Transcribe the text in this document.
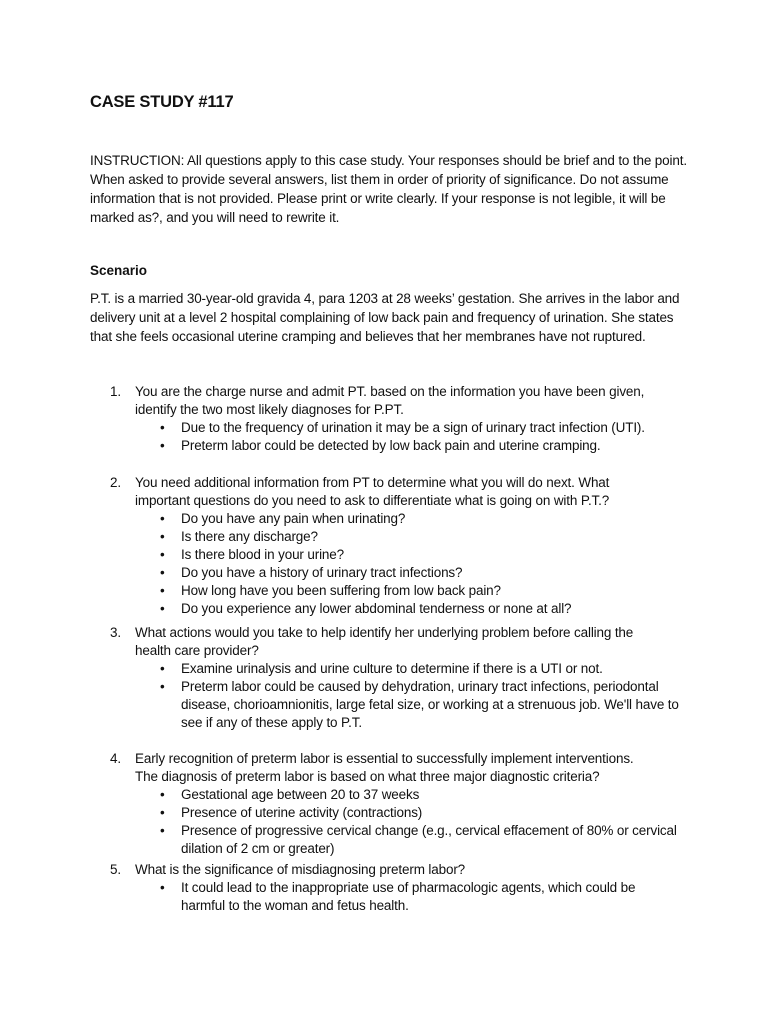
CASE STUDY #117

INSTRUCTION: All questions apply to this case study. Your responses should be brief and to the point. When asked to provide several answers, list them in order of priority of significance. Do not assume information that is not provided. Please print or write clearly. If your response is not legible, it will be marked as?, and you will need to rewrite it.

Scenario

P.T. is a married 30-year-old gravida 4, para 1203 at 28 weeks’ gestation. She arrives in the labor and delivery unit at a level 2 hospital complaining of low back pain and frequency of urination. She states that she feels occasional uterine cramping and believes that her membranes have not ruptured.

1.	You are the charge nurse and admit PT. based on the information you have been given, identify the two most likely diagnoses for P.PT.

• Due to the frequency of urination it may be a sign of urinary tract infection (UTI).
• Preterm labor could be detected by low back pain and uterine cramping.
2.	You need additional information from PT to determine what you will do next. What important questions do you need to ask to differentiate what is going on with P.T.?

• Do you have any pain when urinating?
• Is there any discharge?
• Is there blood in your urine?
• Do you have a history of urinary tract infections?
• How long have you been suffering from low back pain?
• Do you experience any lower abdominal tenderness or none at all?
3.	What actions would you take to help identify her underlying problem before calling the health care provider?

• Examine urinalysis and urine culture to determine if there is a UTI or not.
• Preterm labor could be caused by dehydration, urinary tract infections, periodontal disease, chorioamnionitis, large fetal size, or working at a strenuous job. We'll have to see if any of these apply to P.T.
4.	Early recognition of preterm labor is essential to successfully implement interventions. The diagnosis of preterm labor is based on what three major diagnostic criteria?

• Gestational age between 20 to 37 weeks
• Presence of uterine activity (contractions)
• Presence of progressive cervical change (e.g., cervical effacement of 80% or cervical dilation of 2 cm or greater)
5.	What is the significance of misdiagnosing preterm labor?

• It could lead to the inappropriate use of pharmacologic agents, which could be harmful to the woman and fetus health.
